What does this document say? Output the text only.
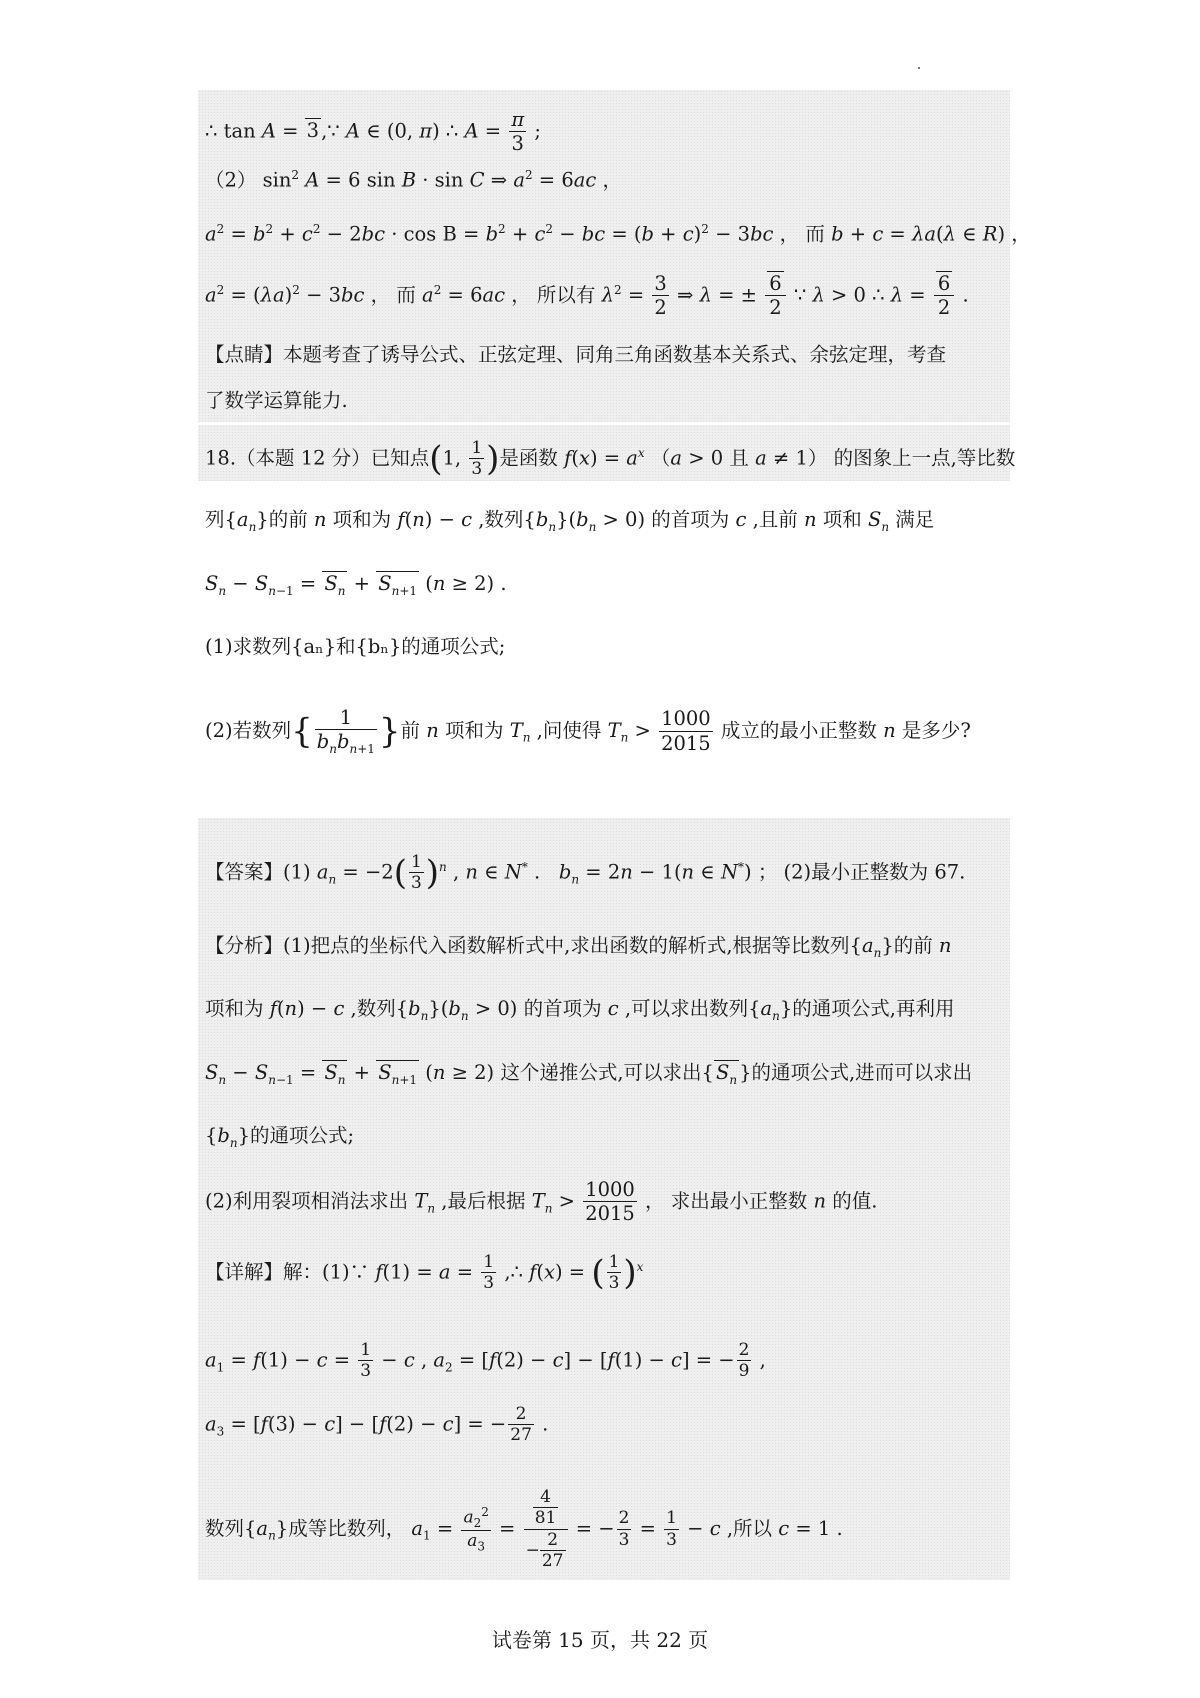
∴ tan A = 3 ,∵ A ∈ (0, π) ∴ $A = \frac{\pi}{3}$ ;
（2） $\sin^2 A = 6$ sin B · sin C ⇒ $a^2 = 6ac$ ，
$a^2 = b^2 + c^2 - 2bc \cdot \cos B = b^2 + c^2$ − bc = $(b + c)^2 - 3bc$ ， 而 b + c = λa(λ ∈ R) ，
$a^2 = (\lambda a)^2 - 3bc$ ， 而 $a^2 = 6ac$ ， 所以有 $\lambda^2 = \frac{3}{2}$ ⇒ λ = ± $\frac{6}{2}$ ∵ λ > 0 ∴ $\lambda = \frac{6}{2}$ .
【点睛】本题考查了诱导公式、正弦定理、同角三角函数基本关系式、余弦定理，考查
了数学运算能力.
18.（本题 12 分）已知点(1, $\frac{1}{3}$ )是函数 $f(x) = a^x$ （a > 0 且 a ≠ 1） 的图象上一点,等比数
列$\{a_n\}$的前 n 项和为 f(n) − c ,数列$\{b_n\}(b_n > 0)$ 的首项为 c ,且前 n 项和 $S_n$ 满足
$S_n - S_{n-1} = S_n + S_{n+1}$ (n ≥ 2) .
(1)求数列{aₙ}和{bₙ}的通项公式;
(2)若数列{ $\frac{1}{b_nb_{n+1}}$ }前 n 项和为 $T_n$ ,问使得 $T_n > \frac{1000}{2015}$ 成立的最小正整数 n 是多少?
【答案】(1) $a_n = -2( \frac{1}{3} )^n$ , n ∈ N* .   $b_n = 2n - 1(n$ ∈ N*) ； (2)最小正整数为 67.
【分析】(1)把点的坐标代入函数解析式中,求出函数的解析式,根据等比数列$\{a_n\}$的前 n
项和为 f(n) − c ,数列$\{b_n\}(b_n > 0)$ 的首项为 c ,可以求出数列$\{a_n\}$的通项公式,再利用
$S_n - S_{n-1} = S_n + S_{n+1}$ (n ≥ 2) 这个递推公式,可以求出{ $S_n$ }的通项公式,进而可以求出
$\{b_n\}$的通项公式;
(2)利用裂项相消法求出 $T_n$ ,最后根据 $T_n > \frac{1000}{2015}$ ， 求出最小正整数 n 的值.
【详解】解：(1)∵ $f(1) = a = \frac{1}{3}$ ,∴ f(x) = ( $\frac{1}{3} )^x$
$a_1 = f(1) - c = \frac{1}{3} - c$ , $a_2 = [f(2) - c] - [f(1) - c]$ = − $\frac{2}{9}$ ,
$a_3 = [f(3) - c] - [f(2) - c]$ = − $\frac{2}{27}$ .
数列$\{a_n\}$成等比数列， $a_1 = \frac{a_2^2}{a_3} = \frac{\frac{4}{81}}{- \frac{2}{27}}$ = − $\frac{2}{3} = \frac{1}{3} - c$ ,所以 c = 1 .
试卷第 15 页，共 22 页
